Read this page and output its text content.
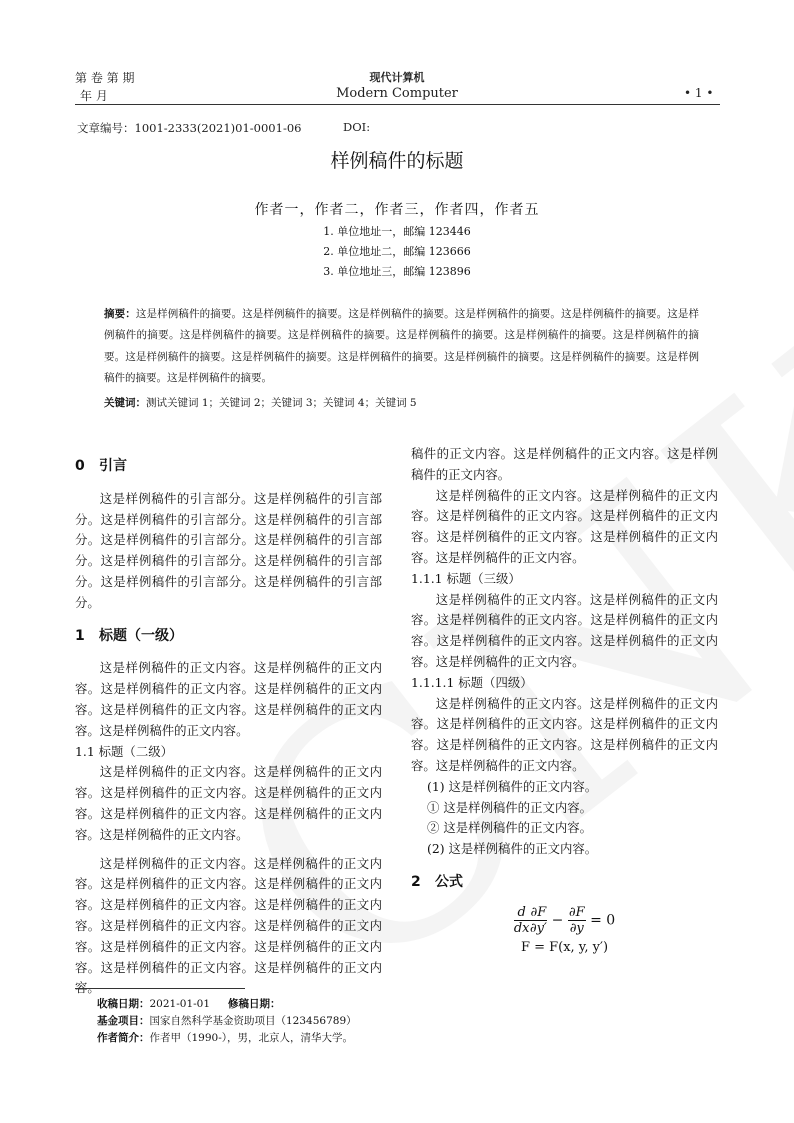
第 卷 第 期
年 月
现代计算机
Modern Computer	• 1 •
文章编号：1001-2333(2021)01-0001-06	DOI:
样例稿件的标题
作者一，作者二，作者三，作者四，作者五
1. 单位地址一，邮编 123446
2. 单位地址二，邮编 123666
3. 单位地址三，邮编 123896
摘要：这是样例稿件的摘要。这是样例稿件的摘要。这是样例稿件的摘要。这是样例稿件的摘要。这是样例稿件的摘要。这是样例稿件的摘要。这是样例稿件的摘要。这是样例稿件的摘要。这是样例稿件的摘要。这是样例稿件的摘要。这是样例稿件的摘要。这是样例稿件的摘要。这是样例稿件的摘要。这是样例稿件的摘要。这是样例稿件的摘要。这是样例稿件的摘要。这是样例稿件的摘要。这是样例稿件的摘要。
关键词：测试关键词 1；关键词 2；关键词 3；关键词 4；关键词 5
0 引言

这是样例稿件的引言部分。这是样例稿件的引言部分。这是样例稿件的引言部分。这是样例稿件的引言部分。这是样例稿件的引言部分。这是样例稿件的引言部分。这是样例稿件的引言部分。这是样例稿件的引言部分。这是样例稿件的引言部分。这是样例稿件的引言部分。

1 标题（一级）

这是样例稿件的正文内容。这是样例稿件的正文内容。这是样例稿件的正文内容。这是样例稿件的正文内容。这是样例稿件的正文内容。这是样例稿件的正文内容。这是样例稿件的正文内容。

1.1 标题（二级）

这是样例稿件的正文内容。这是样例稿件的正文内容。这是样例稿件的正文内容。这是样例稿件的正文内容。这是样例稿件的正文内容。这是样例稿件的正文内容。这是样例稿件的正文内容。

这是样例稿件的正文内容。这是样例稿件的正文内容。这是样例稿件的正文内容。这是样例稿件的正文内容。这是样例稿件的正文内容。这是样例稿件的正文内容。这是样例稿件的正文内容。这是样例稿件的正文内容。这是样例稿件的正文内容。这是样例稿件的正文内容。这是样例稿件的正文内容。这是样例稿件的正文内容。

稿件的正文内容。这是样例稿件的正文内容。这是样例稿件的正文内容。

这是样例稿件的正文内容。这是样例稿件的正文内容。这是样例稿件的正文内容。这是样例稿件的正文内容。这是样例稿件的正文内容。这是样例稿件的正文内容。这是样例稿件的正文内容。

1.1.1 标题（三级）

这是样例稿件的正文内容。这是样例稿件的正文内容。这是样例稿件的正文内容。这是样例稿件的正文内容。这是样例稿件的正文内容。这是样例稿件的正文内容。这是样例稿件的正文内容。

1.1.1.1 标题（四级）

这是样例稿件的正文内容。这是样例稿件的正文内容。这是样例稿件的正文内容。这是样例稿件的正文内容。这是样例稿件的正文内容。这是样例稿件的正文内容。这是样例稿件的正文内容。

(1) 这是样例稿件的正文内容。

① 这是样例稿件的正文内容。

② 这是样例稿件的正文内容。

(2) 这是样例稿件的正文内容。

2 公式
$\frac{d}{dx} \frac{\partial F}{\partial y'} - \frac{\partial F}{\partial y} = 0$
F = F(x, y, y′)
收稿日期：2021-01-01 修稿日期：
基金项目：国家自然科学基金资助项目（123456789）
作者简介：作者甲（1990-），男，北京人，清华大学。
